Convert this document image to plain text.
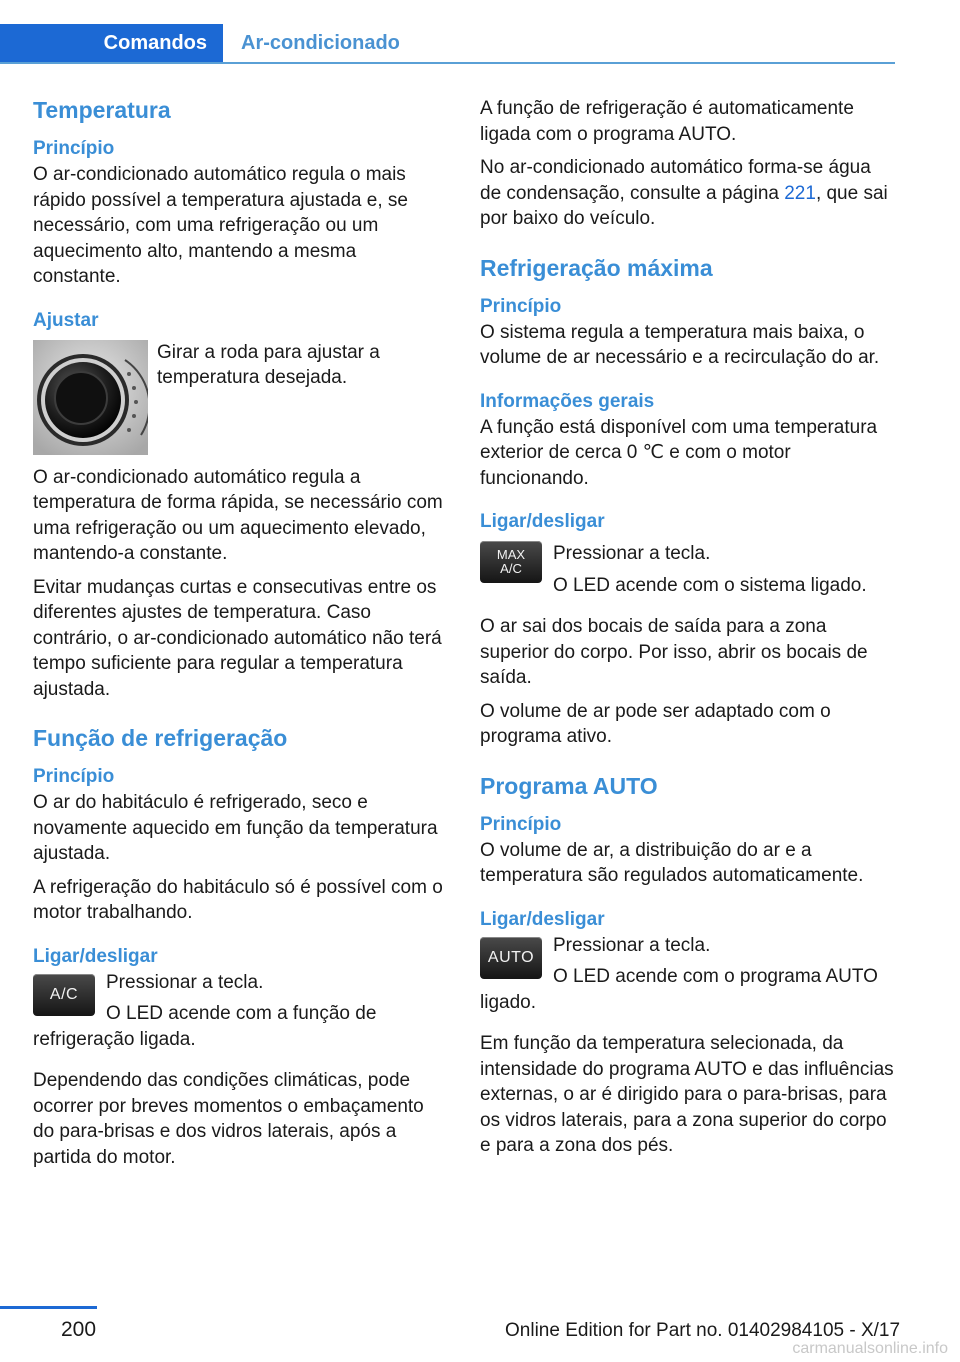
Comandos	Ar-condicionado
Temperatura
Princípio

O ar-condicionado automático regula o mais rápido possível a temperatura ajustada e, se necessário, com uma refrigeração ou um aquecimento alto, mantendo a mesma constante.

Ajustar

Girar a roda para ajustar a temperatura desejada.

O ar-condicionado automático regula a temperatura de forma rápida, se necessário com uma refrigeração ou um aquecimento elevado, mantendo-a constante.

Evitar mudanças curtas e consecutivas entre os diferentes ajustes de temperatura. Caso contrário, o ar-condicionado automático não terá tempo suficiente para regular a temperatura ajustada.

Função de refrigeração
Princípio

O ar do habitáculo é refrigerado, seco e novamente aquecido em função da temperatura ajustada.

A refrigeração do habitáculo só é possível com o motor trabalhando.

Ligar/desligar
A/C

Pressionar a tecla.

O LED acende com a função de refrigeração ligada.

Dependendo das condições climáticas, pode ocorrer por breves momentos o embaçamento do para-brisas e dos vidros laterais, após a partida do motor.

A função de refrigeração é automaticamente ligada com o programa AUTO.

No ar-condicionado automático forma-se água de condensação, consulte a página 221, que sai por baixo do veículo.

Refrigeração máxima
Princípio

O sistema regula a temperatura mais baixa, o volume de ar necessário e a recirculação do ar.

Informações gerais

A função está disponível com uma temperatura exterior de cerca 0 ℃ e com o motor funcionando.

Ligar/desligar
MAX
A/C

Pressionar a tecla.

O LED acende com o sistema ligado.

O ar sai dos bocais de saída para a zona superior do corpo. Por isso, abrir os bocais de saída.

O volume de ar pode ser adaptado com o programa ativo.

Programa AUTO
Princípio

O volume de ar, a distribuição do ar e a temperatura são regulados automaticamente.

Ligar/desligar
AUTO

Pressionar a tecla.

O LED acende com o programa AUTO ligado.

Em função da temperatura selecionada, da intensidade do programa AUTO e das influências externas, o ar é dirigido para o para-brisas, para os vidros laterais, para a zona superior do corpo e para a zona dos pés.

200	Online Edition for Part no. 01402984105 - X/17
carmanualsonline.info
